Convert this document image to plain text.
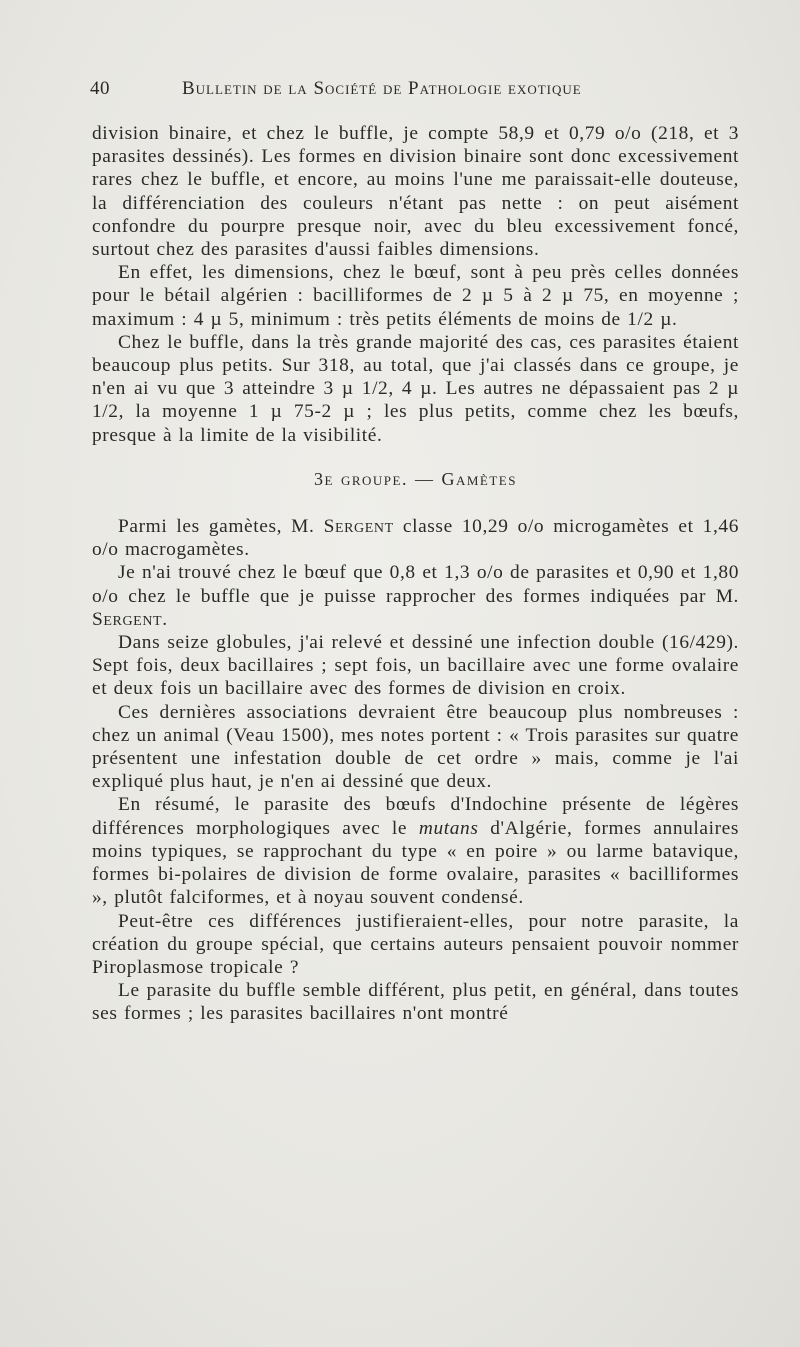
40	Bulletin de la Société de Pathologie exotique

division binaire, et chez le buffle, je compte 58,9 et 0,79 o/o (218, et 3 parasites dessinés). Les formes en division binaire sont donc excessivement rares chez le buffle, et encore, au moins l'une me paraissait-elle douteuse, la différenciation des couleurs n'étant pas nette : on peut aisément confondre du pourpre presque noir, avec du bleu excessivement foncé, surtout chez des parasites d'aussi faibles dimensions.

En effet, les dimensions, chez le bœuf, sont à peu près celles données pour le bétail algérien : bacilliformes de 2 µ 5 à 2 µ 75, en moyenne ; maximum : 4 µ 5, minimum : très petits éléments de moins de 1/2 µ.

Chez le buffle, dans la très grande majorité des cas, ces parasites étaient beaucoup plus petits. Sur 318, au total, que j'ai classés dans ce groupe, je n'en ai vu que 3 atteindre 3 µ 1/2, 4 µ. Les autres ne dépassaient pas 2 µ 1/2, la moyenne 1 µ 75-2 µ ; les plus petits, comme chez les bœufs, presque à la limite de la visibilité.

3e groupe. — Gamètes

Parmi les gamètes, M. Sergent classe 10,29 o/o microgamètes et 1,46 o/o macrogamètes.

Je n'ai trouvé chez le bœuf que 0,8 et 1,3 o/o de parasites et 0,90 et 1,80 o/o chez le buffle que je puisse rapprocher des formes indiquées par M. Sergent.

Dans seize globules, j'ai relevé et dessiné une infection double (16/429). Sept fois, deux bacillaires ; sept fois, un bacillaire avec une forme ovalaire et deux fois un bacillaire avec des formes de division en croix.

Ces dernières associations devraient être beaucoup plus nombreuses : chez un animal (Veau 1500), mes notes portent : « Trois parasites sur quatre présentent une infestation double de cet ordre » mais, comme je l'ai expliqué plus haut, je n'en ai dessiné que deux.

En résumé, le parasite des bœufs d'Indochine présente de légères différences morphologiques avec le mutans d'Algérie, formes annulaires moins typiques, se rapprochant du type « en poire » ou larme batavique, formes bi-polaires de division de forme ovalaire, parasites « bacilliformes », plutôt falciformes, et à noyau souvent condensé.

Peut-être ces différences justifieraient-elles, pour notre parasite, la création du groupe spécial, que certains auteurs pensaient pouvoir nommer Piroplasmose tropicale ?

Le parasite du buffle semble différent, plus petit, en général, dans toutes ses formes ; les parasites bacillaires n'ont montré
